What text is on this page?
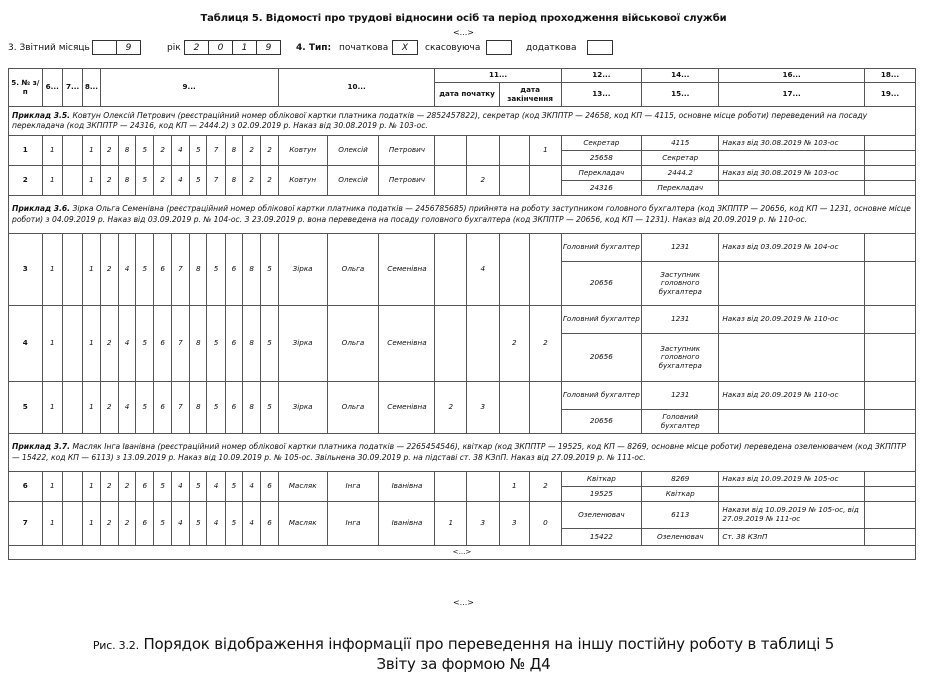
Таблиця 5. Відомості про трудові відносини осіб та період проходження військової служби
<...>
3. Звітний місяць	9	рік	2	0	1	9	4. Тип: початкова	Х	скасовуюча	додаткова
5. № з/п	6...	7...	8...	9...										10...			11...				12...	14...	16...	18...
																	дата початку		дата закінчення		13...	15...	17...	19...
Приклад 3.5. Ковтун Олексій Петрович (реєстраційний номер облікової картки платника податків — 2852457822), секретар (код ЗКППТР — 24658, код КП — 4115, основне місце роботи) переведений на посаду перекладача (код ЗКППТР — 24316, код КП — 2444.2) з 02.09.2019 р. Наказ від 30.08.2019 р. № 103-ос.																								
1	1		1	2	8	5	2	4	5	7	8	2	2	Ковтун	Олексій	Петрович				1	Секретар	4115	Наказ від 30.08.2019 № 103-ос	
																					25658	Секретар		
2	1		1	2	8	5	2	4	5	7	8	2	2	Ковтун	Олексій	Петрович		2			Перекладач	2444.2	Наказ від 30.08.2019 № 103-ос	
																					24316	Перекладач		
Приклад 3.6. Зірка Ольга Семенівна (реєстраційний номер облікової картки платника податків — 2456785685) прийнята на роботу заступником головного бухгалтера (код ЗКППТР — 20656, код КП — 1231, основне місце роботи) з 04.09.2019 р. Наказ від 03.09.2019 р. № 104-ос. З 23.09.2019 р. вона переведена на посаду головного бухгалтера (код ЗКППТР — 20656, код КП — 1231). Наказ від 20.09.2019 р. № 110-ос.																								
3	1		1	2	4	5	6	7	8	5	6	8	5	Зірка	Ольга	Семенівна		4			Головний бухгалтер	1231	Наказ від 03.09.2019 № 104-ос	
																					20656	Заступник головного бухгалтера		
4	1		1	2	4	5	6	7	8	5	6	8	5	Зірка	Ольга	Семенівна			2	2	Головний бухгалтер	1231	Наказ від 20.09.2019 № 110-ос	
																					20656	Заступник головного бухгалтера		
5	1		1	2	4	5	6	7	8	5	6	8	5	Зірка	Ольга	Семенівна	2	3			Головний бухгалтер	1231	Наказ від 20.09.2019 № 110-ос	
																					20656	Головний бухгалтер		
Приклад 3.7. Масляк Інга Іванівна (реєстраційний номер облікової картки платника податків — 2265454546), квіткар (код ЗКППТР — 19525, код КП — 8269, основне місце роботи) переведена озеленювачем (код ЗКППТР — 15422, код КП — 6113) з 13.09.2019 р. Наказ від 10.09.2019 р. № 105-ос. Звільнена 30.09.2019 р. на підставі ст. 38 КЗпП. Наказ від 27.09.2019 р. № 111-ос.																								
6	1		1	2	2	6	5	4	5	4	5	4	6	Масляк	Інга	Іванівна			1	2	Квіткар	8269	Наказ від 10.09.2019 № 105-ос	
																					19525	Квіткар		
7	1		1	2	2	6	5	4	5	4	5	4	6	Масляк	Інга	Іванівна	1	3	3	0	Озеленювач	6113	Накази від 10.09.2019 № 105-ос, від 27.09.2019 № 111-ос	
																					15422	Озеленювач	Ст. 38 КЗпП	
<...>																								
<...>
Рис. 3.2. Порядок відображення інформації про переведення на іншу постійну роботу в таблиці 5
Звіту за формою № Д4
